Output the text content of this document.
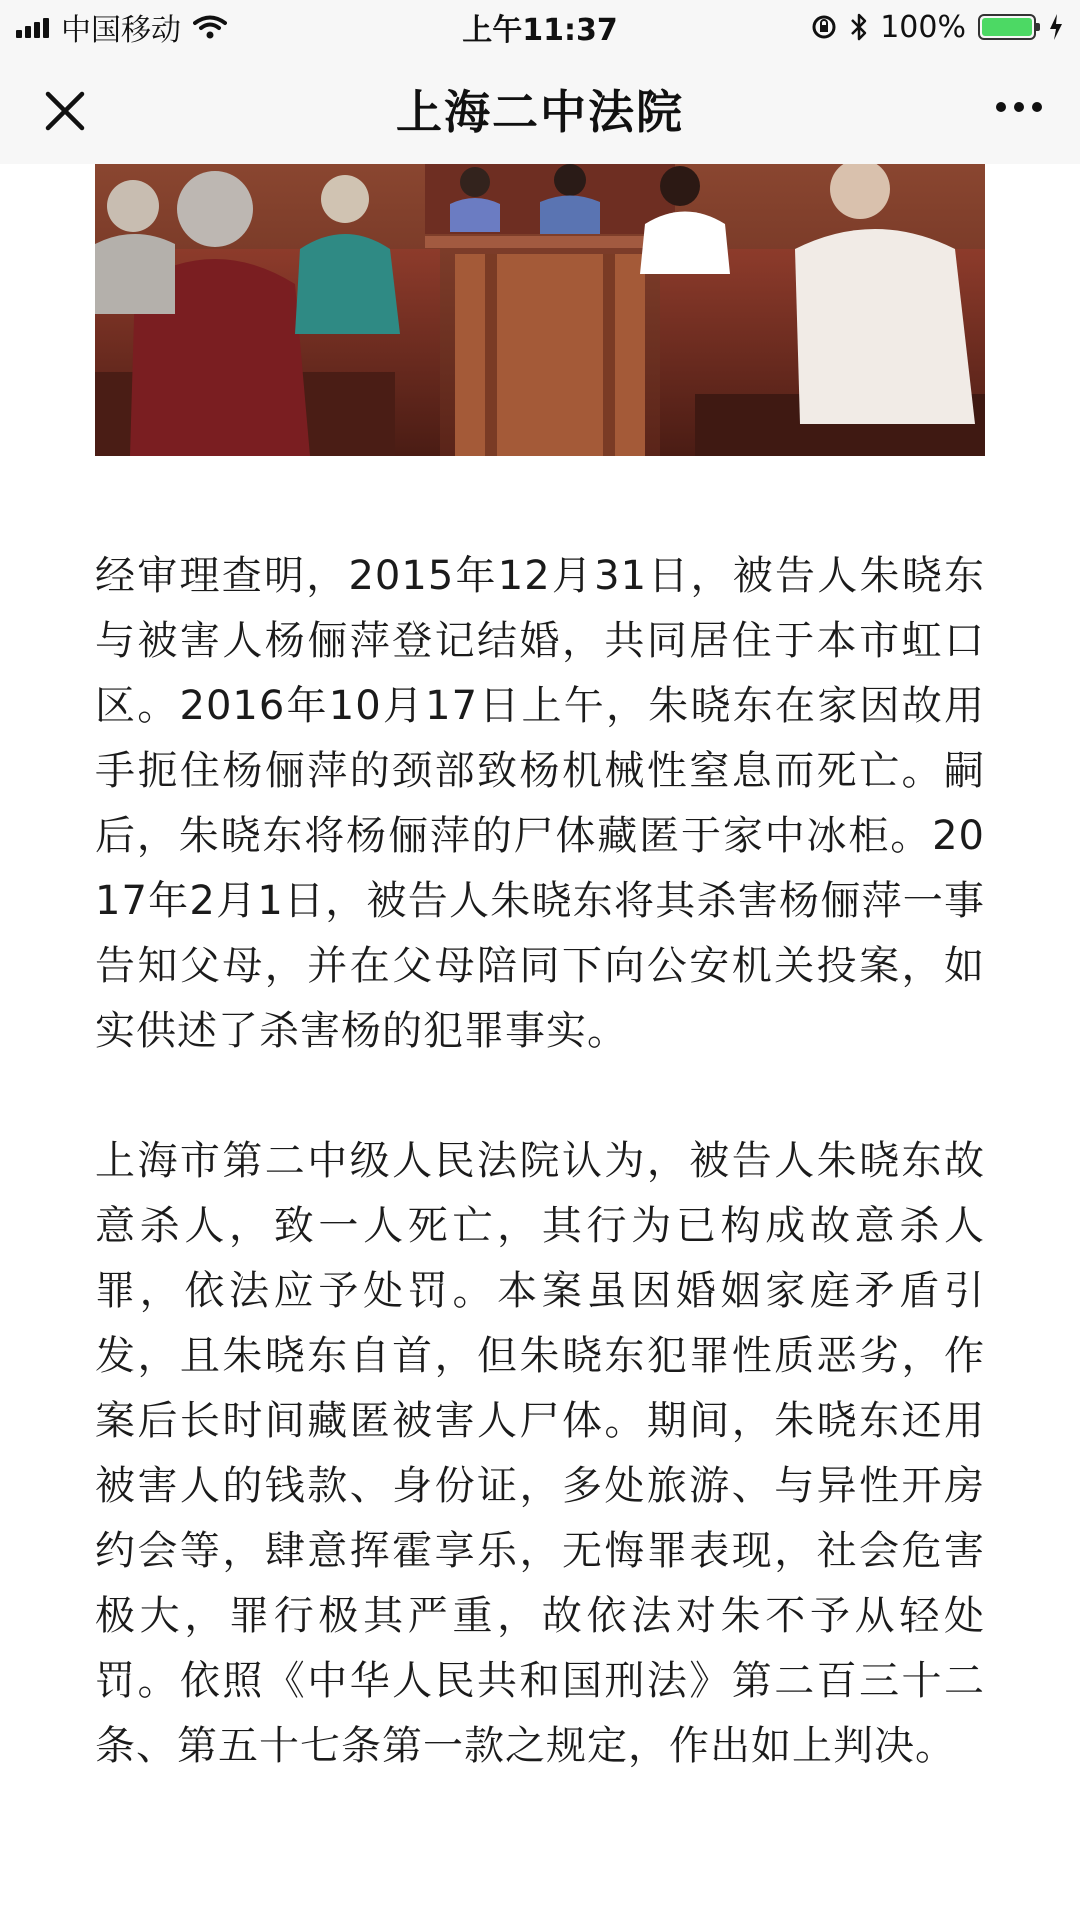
中国移动	上午11:37	100%
上海二中法院
经审理查明，2015年12月31日，被告人朱晓东与被害人杨俪萍登记结婚，共同居住于本市虹口区。2016年10月17日上午，朱晓东在家因故用手扼住杨俪萍的颈部致杨机械性窒息而死亡。嗣后，朱晓东将杨俪萍的尸体藏匿于家中冰柜。2017年2月1日，被告人朱晓东将其杀害杨俪萍一事告知父母，并在父母陪同下向公安机关投案，如实供述了杀害杨的犯罪事实。
上海市第二中级人民法院认为，被告人朱晓东故意杀人，致一人死亡，其行为已构成故意杀人罪，依法应予处罚。本案虽因婚姻家庭矛盾引发，且朱晓东自首，但朱晓东犯罪性质恶劣，作案后长时间藏匿被害人尸体。期间，朱晓东还用被害人的钱款、身份证，多处旅游、与异性开房约会等，肆意挥霍享乐，无悔罪表现，社会危害极大，罪行极其严重，故依法对朱不予从轻处罚。依照《中华人民共和国刑法》第二百三十二条、第五十七条第一款之规定，作出如上判决。
